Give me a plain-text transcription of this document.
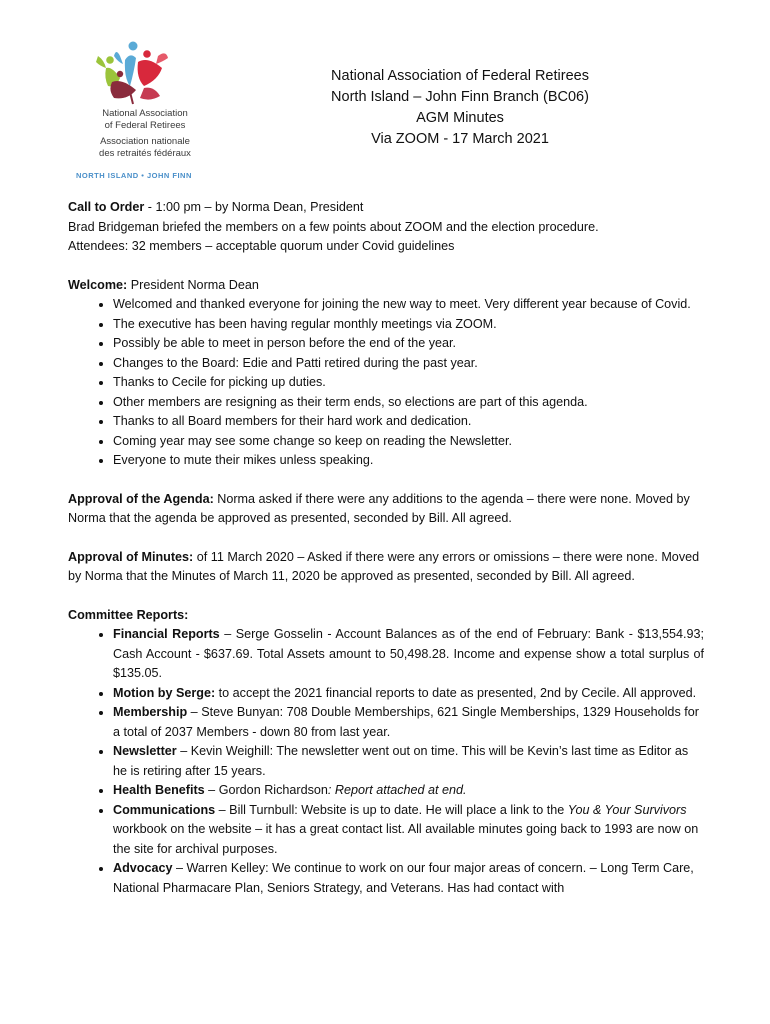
National Association
of Federal Retirees
Association nationale
des retraités fédéraux
NORTH ISLAND • JOHN FINN
National Association of Federal Retirees
North Island – John Finn Branch (BC06)
AGM Minutes
Via ZOOM - 17 March 2021

Call to Order - 1:00 pm – by Norma Dean, President

Brad Bridgeman briefed the members on a few points about ZOOM and the election procedure.

Attendees: 32 members – acceptable quorum under Covid guidelines

Welcome: President Norma Dean

• Welcomed and thanked everyone for joining the new way to meet. Very different year because of Covid.
• The executive has been having regular monthly meetings via ZOOM.
• Possibly be able to meet in person before the end of the year.
• Changes to the Board: Edie and Patti retired during the past year.
• Thanks to Cecile for picking up duties.
• Other members are resigning as their term ends, so elections are part of this agenda.
• Thanks to all Board members for their hard work and dedication.
• Coming year may see some change so keep on reading the Newsletter.
• Everyone to mute their mikes unless speaking.

Approval of the Agenda: Norma asked if there were any additions to the agenda – there were none. Moved by Norma that the agenda be approved as presented, seconded by Bill. All agreed.

Approval of Minutes: of 11 March 2020 – Asked if there were any errors or omissions – there were none. Moved by Norma that the Minutes of March 11, 2020 be approved as presented, seconded by Bill. All agreed.

Committee Reports:

• Financial Reports – Serge Gosselin - Account Balances as of the end of February: Bank - $13,554.93; Cash Account - $637.69. Total Assets amount to 50,498.28. Income and expense show a total surplus of $135.05.
• Motion by Serge: to accept the 2021 financial reports to date as presented, 2nd by Cecile. All approved.
• Membership – Steve Bunyan: 708 Double Memberships, 621 Single Memberships, 1329 Households for a total of 2037 Members - down 80 from last year.
• Newsletter – Kevin Weighill: The newsletter went out on time. This will be Kevin’s last time as Editor as he is retiring after 15 years.
• Health Benefits – Gordon Richardson: Report attached at end.
• Communications – Bill Turnbull: Website is up to date. He will place a link to the You & Your Survivors workbook on the website – it has a great contact list. All available minutes going back to 1993 are now on the site for archival purposes.
• Advocacy – Warren Kelley: We continue to work on our four major areas of concern. – Long Term Care, National Pharmacare Plan, Seniors Strategy, and Veterans. Has had contact with
